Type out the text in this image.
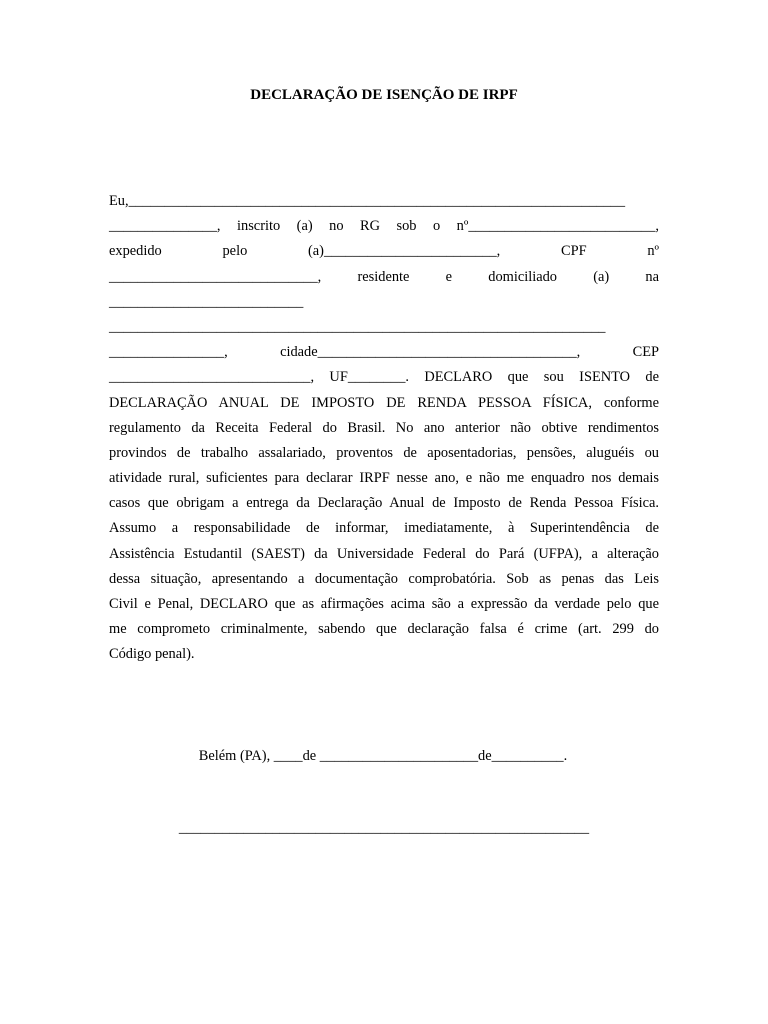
DECLARAÇÃO DE ISENÇÃO DE IRPF
Eu,_____________________________________________________________________
_______________, inscrito (a) no RG sob o nº__________________________,
expedido pelo (a)________________________, CPF nº
_____________________________, residente e domiciliado (a) na
___________________________
_____________________________________________________________________
________________, cidade____________________________________, CEP
____________________________, UF________. DECLARO que sou ISENTO de
DECLARAÇÃO ANUAL DE IMPOSTO DE RENDA PESSOA FÍSICA, conforme
regulamento da Receita Federal do Brasil. No ano anterior não obtive rendimentos
provindos de trabalho assalariado, proventos de aposentadorias, pensões, aluguéis ou
atividade rural, suficientes para declarar IRPF nesse ano, e não me enquadro nos demais
casos que obrigam a entrega da Declaração Anual de Imposto de Renda Pessoa Física.
Assumo a responsabilidade de informar, imediatamente, à Superintendência de
Assistência Estudantil (SAEST) da Universidade Federal do Pará (UFPA), a alteração
dessa situação, apresentando a documentação comprobatória. Sob as penas das Leis
Civil e Penal, DECLARO que as afirmações acima são a expressão da verdade pelo que
me comprometo criminalmente, sabendo que declaração falsa é crime (art. 299 do
Código penal).
Belém (PA), ____de ______________________de__________.
_________________________________________________________
